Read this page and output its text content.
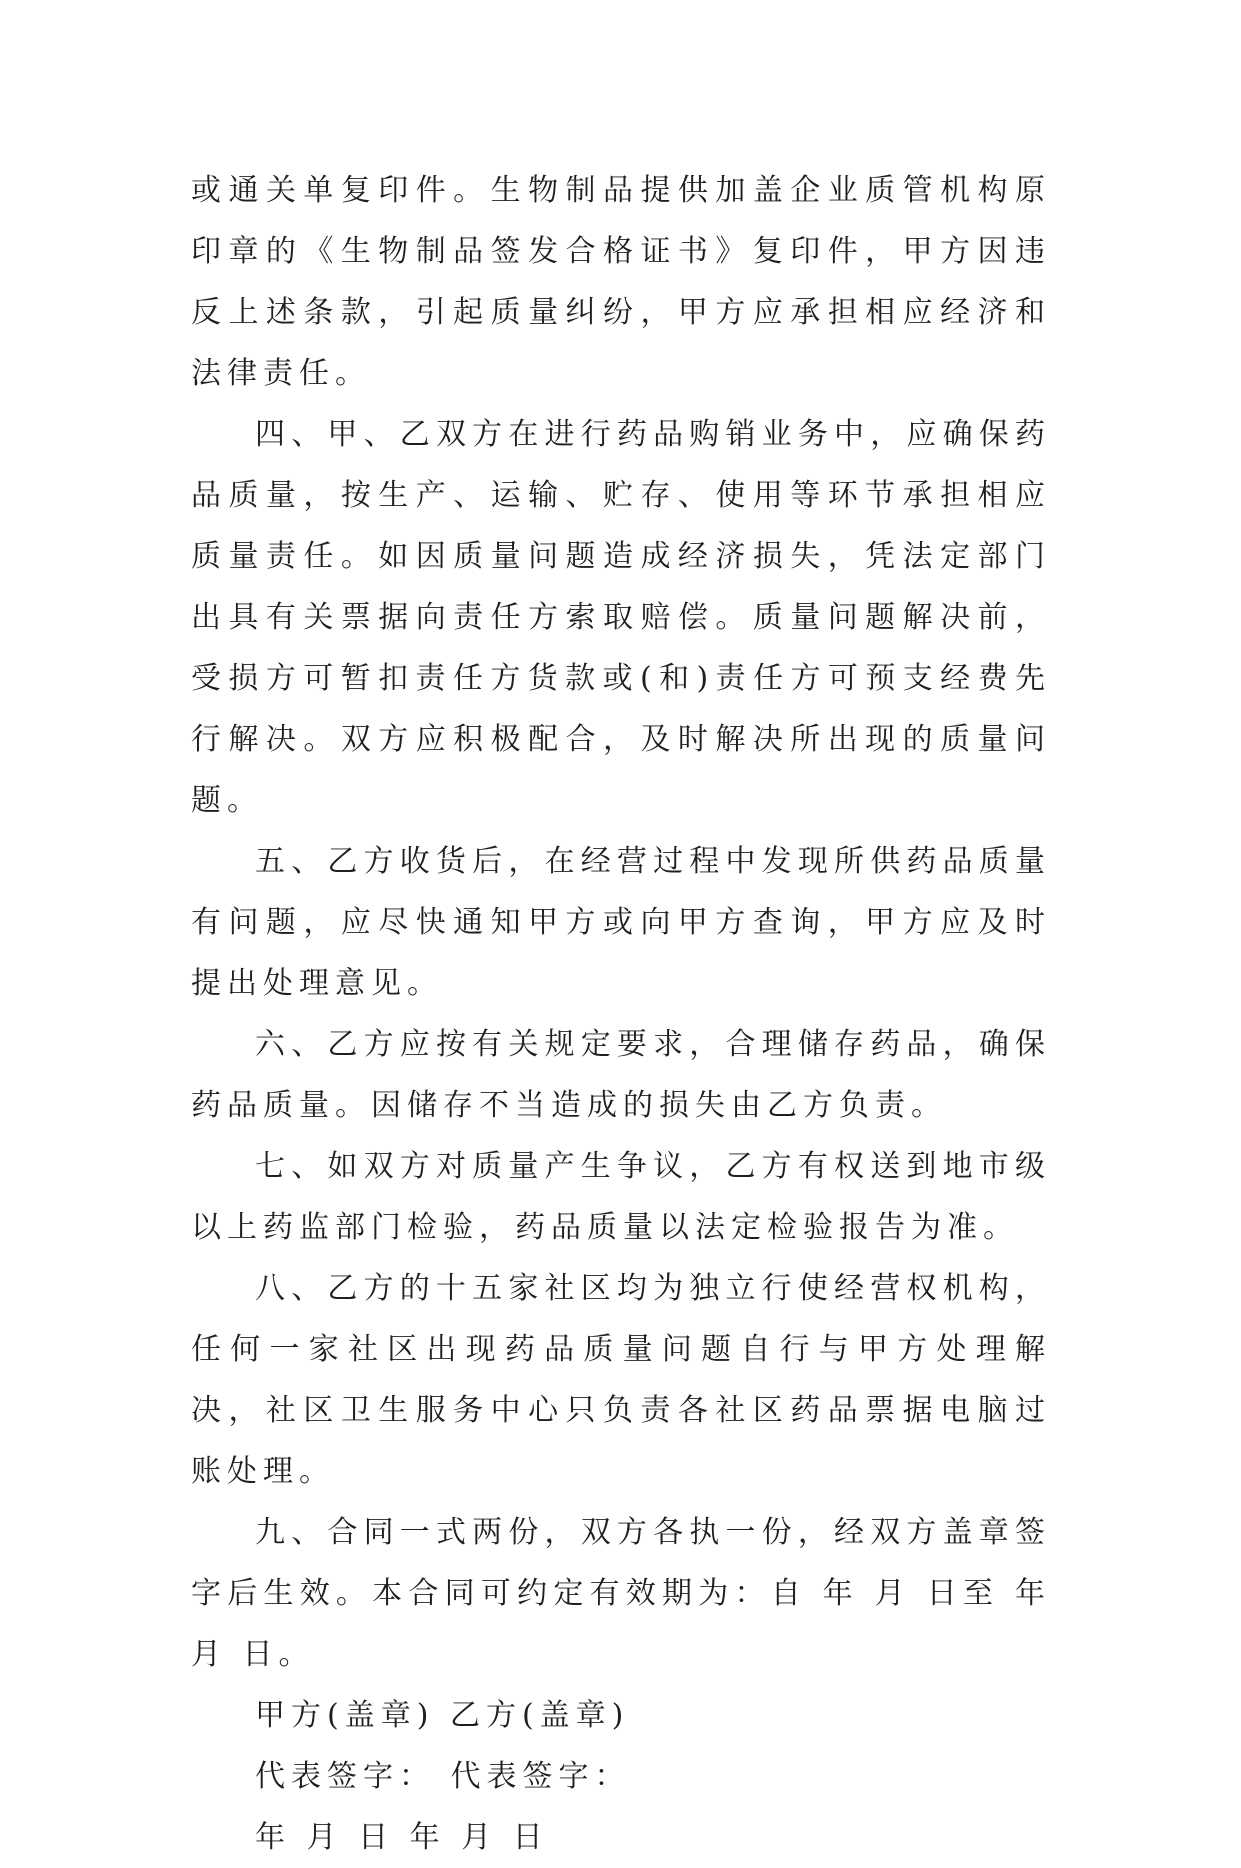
或通关单复印件。生物制品提供加盖企业质管机构原印章的《生物制品签发合格证书》复印件，甲方因违反上述条款，引起质量纠纷，甲方应承担相应经济和法律责任。

四、甲、乙双方在进行药品购销业务中，应确保药品质量，按生产、运输、贮存、使用等环节承担相应质量责任。如因质量问题造成经济损失，凭法定部门出具有关票据向责任方索取赔偿。质量问题解决前，受损方可暂扣责任方货款或(和)责任方可预支经费先行解决。双方应积极配合，及时解决所出现的质量问题。

五、乙方收货后，在经营过程中发现所供药品质量有问题，应尽快通知甲方或向甲方查询，甲方应及时提出处理意见。

六、乙方应按有关规定要求，合理储存药品，确保药品质量。因储存不当造成的损失由乙方负责。

七、如双方对质量产生争议，乙方有权送到地市级以上药监部门检验，药品质量以法定检验报告为准。

八、乙方的十五家社区均为独立行使经营权机构，任何一家社区出现药品质量问题自行与甲方处理解决，社区卫生服务中心只负责各社区药品票据电脑过账处理。

九、合同一式两份，双方各执一份，经双方盖章签字后生效。本合同可约定有效期为：自 年 月 日至 年 月 日。

甲方(盖章) 乙方(盖章)

代表签字： 代表签字：

年 月 日 年 月 日
